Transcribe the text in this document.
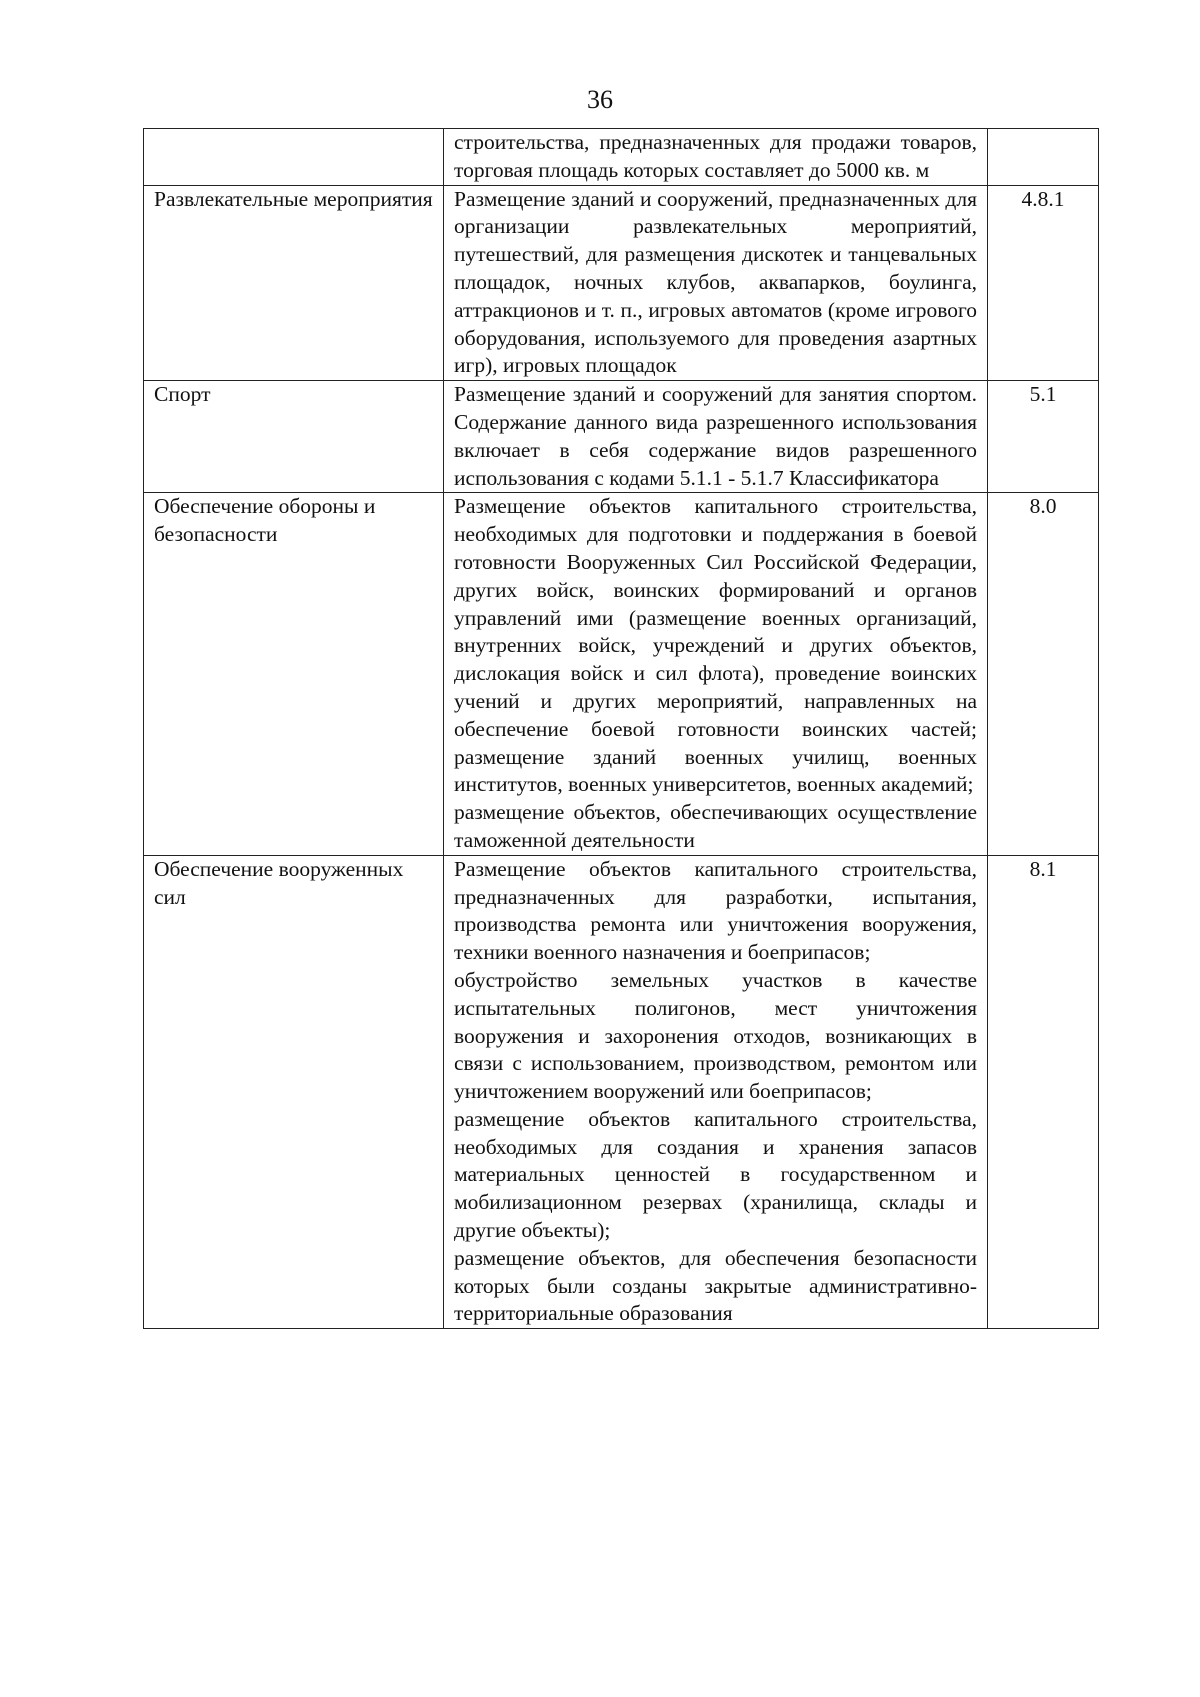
36

	строительства, предназначенных для продажи товаров, торговая площадь которых составляет до 5000 кв. м	

Развлекательные мероприятия	Размещение зданий и сооружений, предназначенных для организации развлекательных мероприятий, путешествий, для размещения дискотек и танцевальных площадок, ночных клубов, аквапарков, боулинга, аттракционов и т. п., игровых автоматов (кроме игрового оборудования, используемого для проведения азартных игр), игровых площадок	4.8.1
Спорт	Размещение зданий и сооружений для занятия спортом. Содержание данного вида разрешенного использования включает в себя содержание видов разрешенного использования с кодами 5.1.1 - 5.1.7 Классификатора	5.1
Обеспечение обороны и безопасности	Размещение объектов капитального строительства, необходимых для подготовки и поддержания в боевой готовности Вооруженных Сил Российской Федерации, других войск, воинских формирований и органов управлений ими (размещение военных организаций, внутренних войск, учреждений и других объектов, дислокация войск и сил флота), проведение воинских учений и других мероприятий, направленных на обеспечение боевой готовности воинских частей; размещение зданий военных училищ, военных институтов, военных университетов, военных академий;
размещение объектов, обеспечивающих осуществление таможенной деятельности	8.0
Обеспечение вооруженных сил	Размещение объектов капитального строительства, предназначенных для разработки, испытания, производства ремонта или уничтожения вооружения, техники военного назначения и боеприпасов;
обустройство земельных участков в качестве испытательных полигонов, мест уничтожения вооружения и захоронения отходов, возникающих в связи с использованием, производством, ремонтом или уничтожением вооружений или боеприпасов;
размещение объектов капитального строительства, необходимых для создания и хранения запасов материальных ценностей в государственном и мобилизационном резервах (хранилища, склады и другие объекты);
размещение объектов, для обеспечения безопасности которых были созданы закрытые административно-территориальные образования	8.1
